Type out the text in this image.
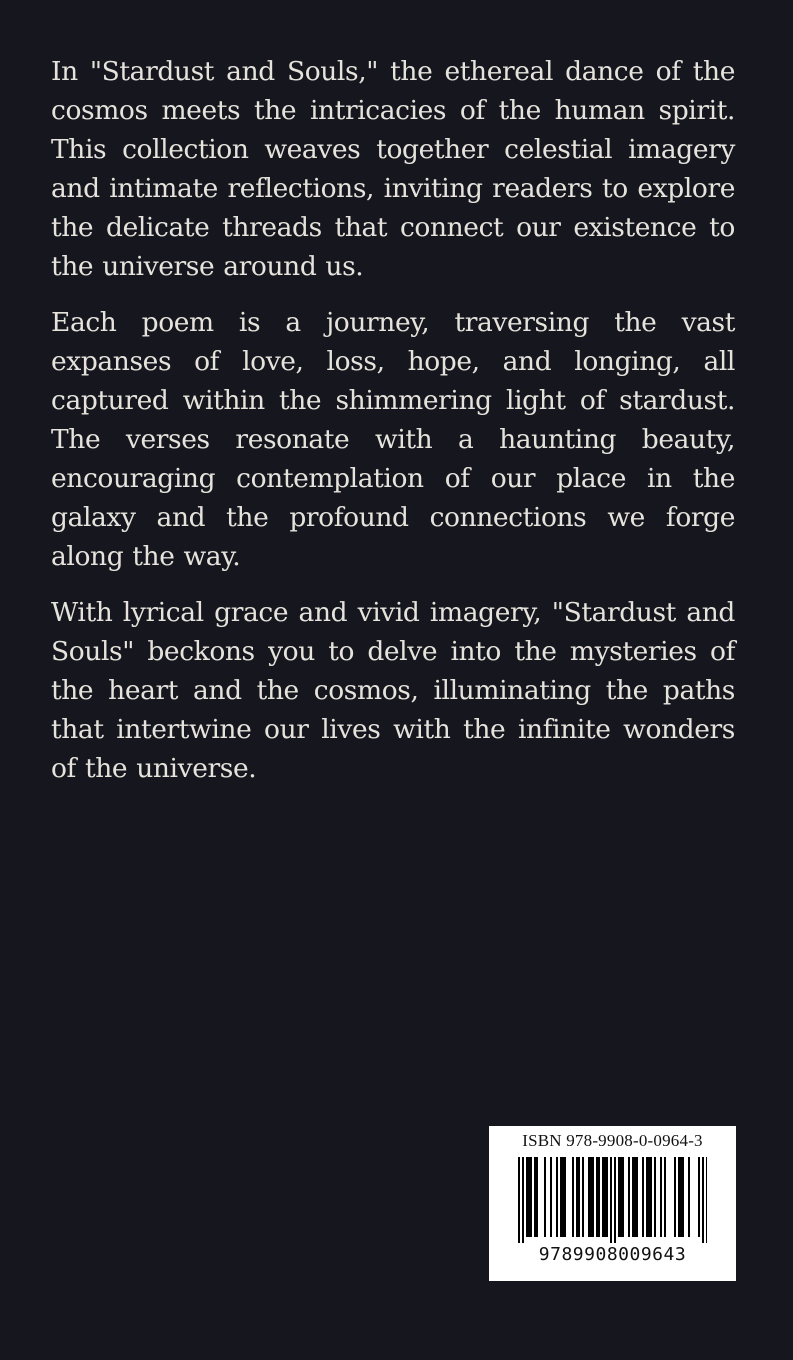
In "Stardust and Souls," the ethereal dance of the cosmos meets the intricacies of the human spirit. This collection weaves together celestial imagery and intimate reflections, inviting readers to explore the delicate threads that connect our existence to the universe around us.

Each poem is a journey, traversing the vast expanses of love, loss, hope, and longing, all captured within the shimmering light of stardust. The verses resonate with a haunting beauty, encouraging contemplation of our place in the galaxy and the profound connections we forge along the way.

With lyrical grace and vivid imagery, "Stardust and Souls" beckons you to delve into the mysteries of the heart and the cosmos, illuminating the paths that intertwine our lives with the infinite wonders of the universe.

ISBN 978-9908-0-0964-3
9789908009643
